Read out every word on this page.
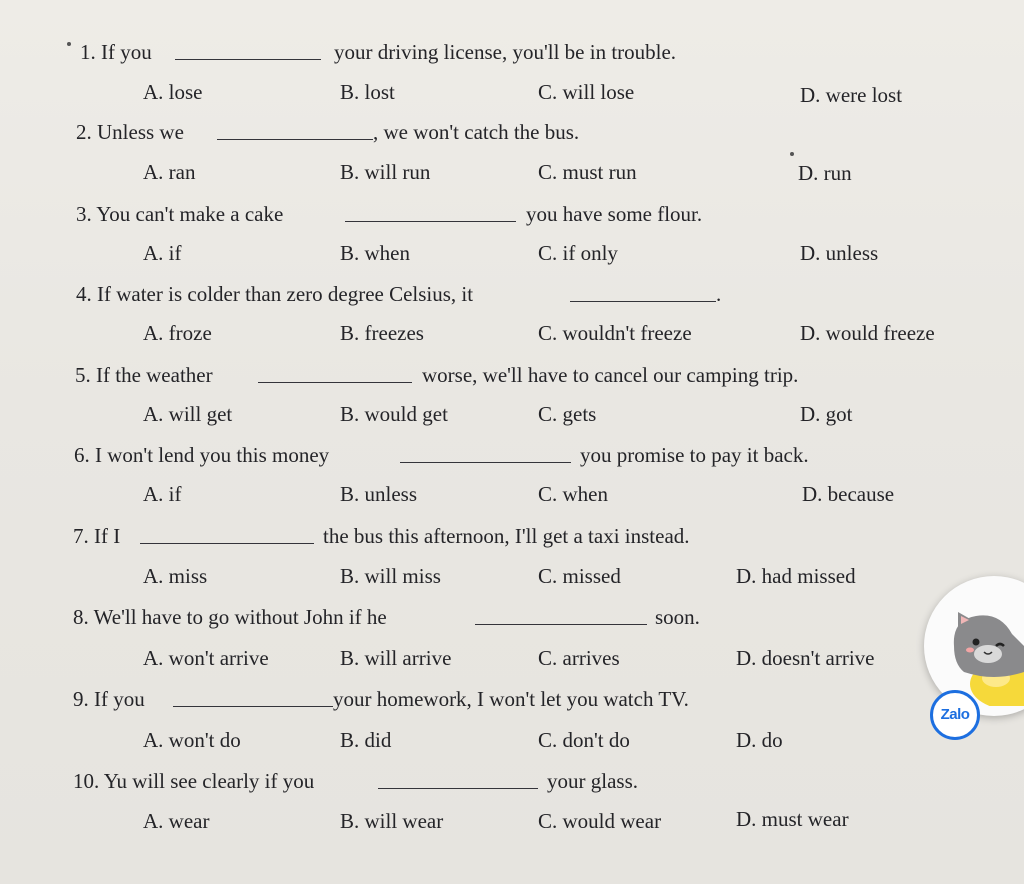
1. If you	your driving license, you'll be in trouble.
A. lose	B. lost	C. will lose	D. were lost
2. Unless we	, we won't catch the bus.
A. ran	B. will run	C. must run	D. run
3. You can't make a cake	you have some flour.
A. if	B. when	C. if only	D. unless
4. If water is colder than zero degree Celsius, it	.
A. froze	B. freezes	C. wouldn't freeze	D. would freeze
5. If the weather	worse, we'll have to cancel our camping trip.
A. will get	B. would get	C. gets	D. got
6. I won't lend you this money	you promise to pay it back.
A. if	B. unless	C. when	D. because
7. If I	the bus this afternoon, I'll get a taxi instead.
A. miss	B. will miss	C. missed	D. had missed
8. We'll have to go without John if he	soon.
A. won't arrive	B. will arrive	C. arrives	D. doesn't arrive
9. If you	your homework, I won't let you watch TV.
A. won't do	B. did	C. don't do	D. do
10. Yu will see clearly if you	your glass.
A. wear	B. will wear	C. would wear	D. must wear
Zalo
